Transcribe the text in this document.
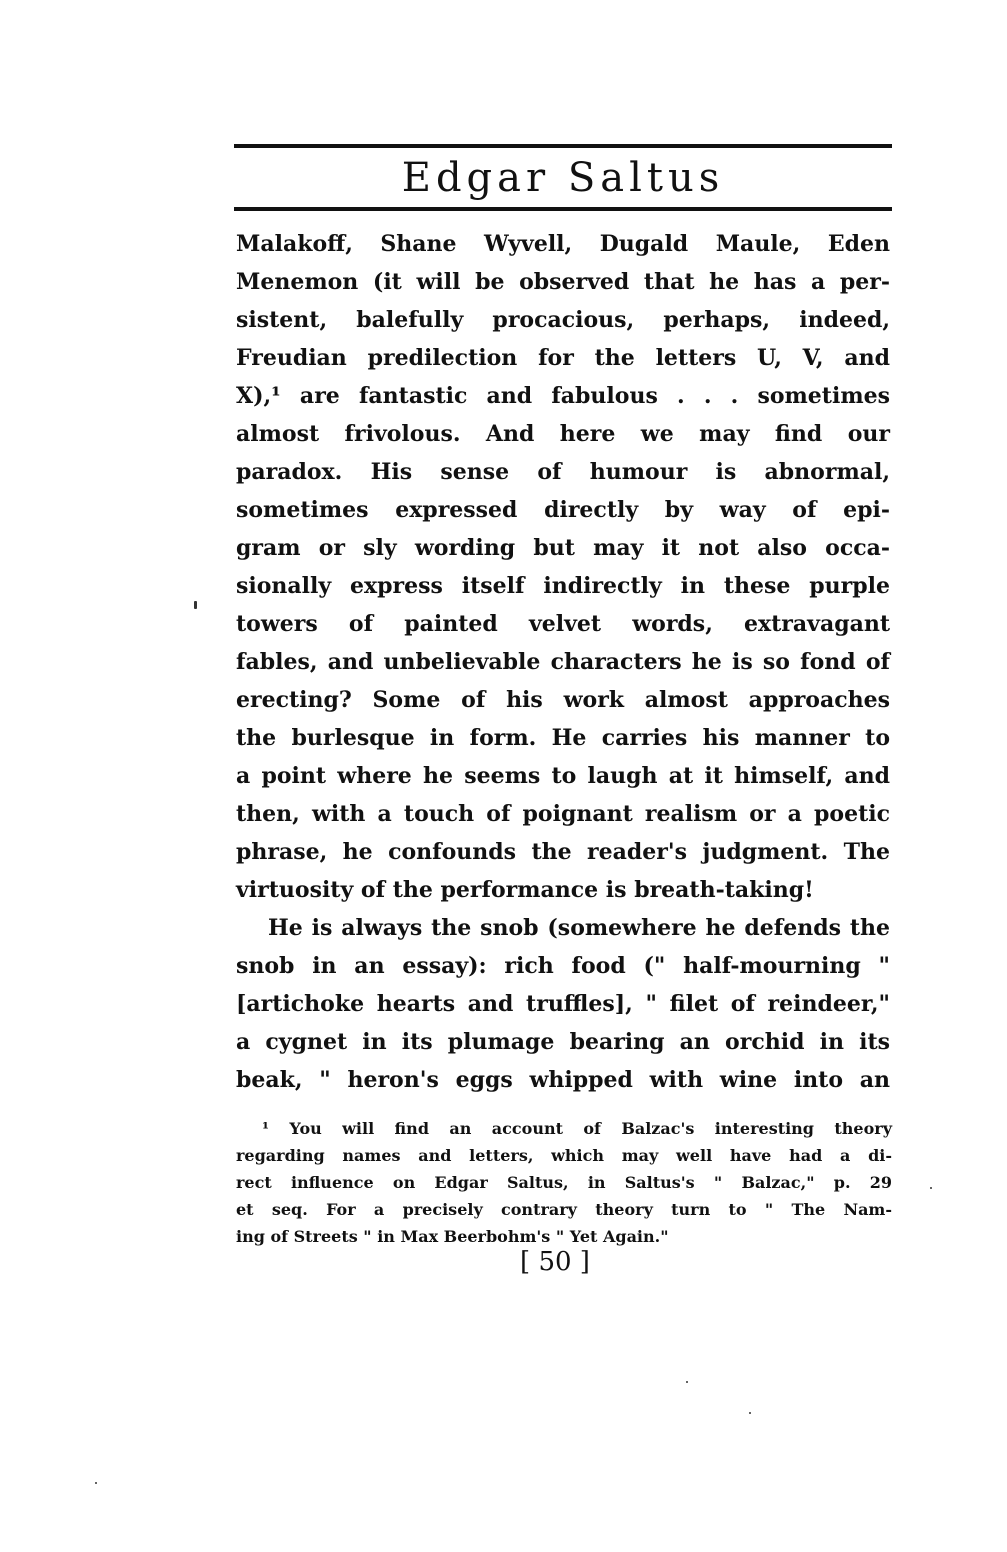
Edgar Saltus
Malakoff, Shane Wyvell, Dugald Maule, Eden
Menemon (it will be observed that he has a per-
sistent, balefully procacious, perhaps, indeed,
Freudian predilection for the letters U, V, and
X),¹ are fantastic and fabulous . . . sometimes
almost frivolous. And here we may find our
paradox. His sense of humour is abnormal,
sometimes expressed directly by way of epi-
gram or sly wording but may it not also occa-
sionally express itself indirectly in these purple
towers of painted velvet words, extravagant
fables, and unbelievable characters he is so fond of
erecting? Some of his work almost approaches
the burlesque in form. He carries his manner to
a point where he seems to laugh at it himself, and
then, with a touch of poignant realism or a poetic
phrase, he confounds the reader's judgment. The
virtuosity of the performance is breath-taking!
He is always the snob (somewhere he defends the
snob in an essay): rich food (" half-mourning "
[artichoke hearts and truffles], " filet of reindeer,"
a cygnet in its plumage bearing an orchid in its
beak, " heron's eggs whipped with wine into an
¹ You will find an account of Balzac's interesting theory
regarding names and letters, which may well have had a di-
rect influence on Edgar Saltus, in Saltus's " Balzac," p. 29
et seq. For a precisely contrary theory turn to " The Nam-
ing of Streets " in Max Beerbohm's " Yet Again."
[ 50 ]
